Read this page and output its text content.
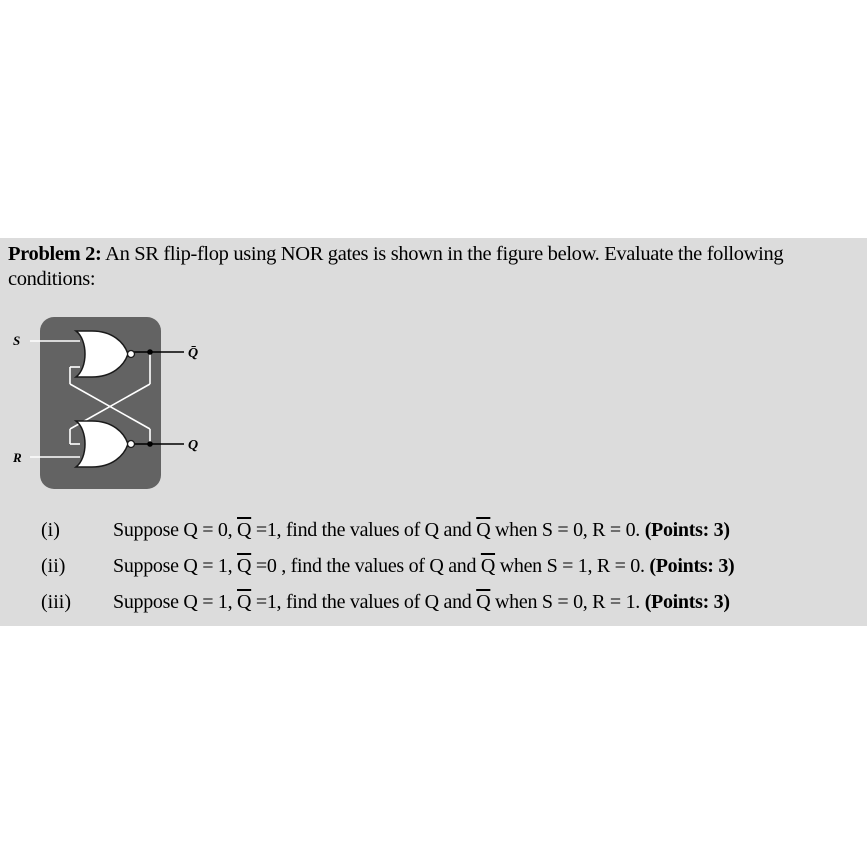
Problem 2: An SR flip-flop using NOR gates is shown in the figure below. Evaluate the following conditions:
S
R
Q̄
Q
(i)	Suppose Q = 0, $\overline{Q} =1$, find the values of Q and $\overline{Q}$ when S = 0, R = 0. (Points: 3)
(ii) Suppose Q = 1, $\overline{Q} =0$ , find the values of Q and $\overline{Q}$ when S = 1, R = 0. (Points: 3)
(iii) Suppose Q = 1, $\overline{Q} =1$, find the values of Q and $\overline{Q}$ when S = 0, R = 1. (Points: 3)
